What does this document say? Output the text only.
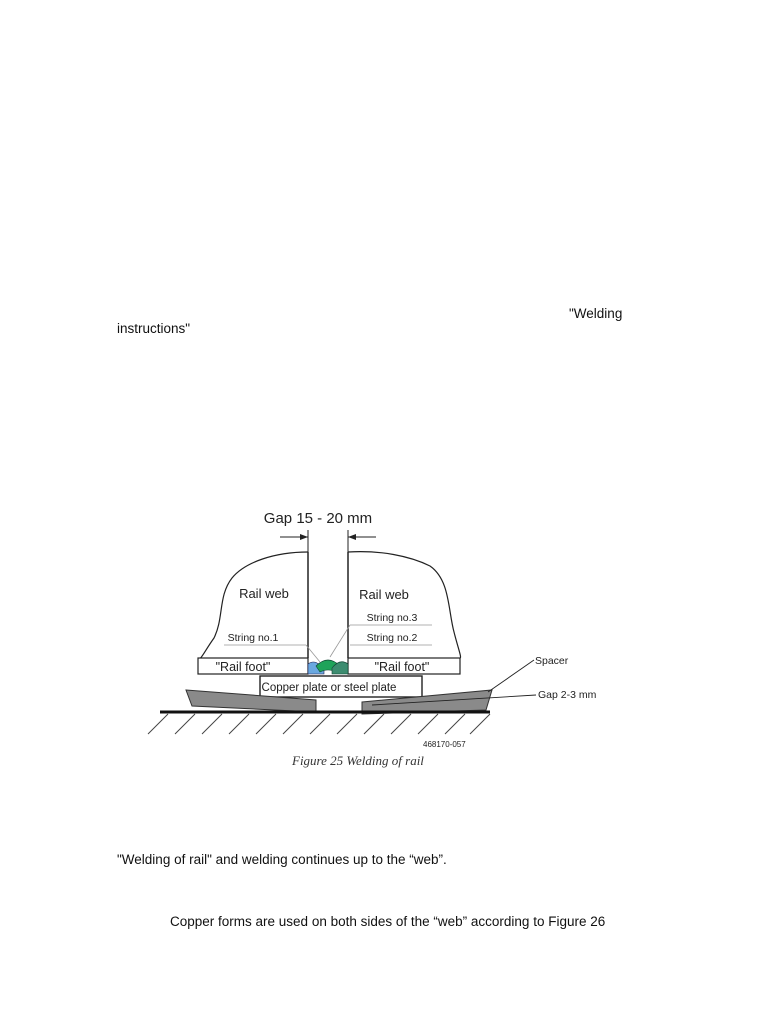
"Welding
instructions"
Gap 15 - 20 mm
Rail web	Rail web
String no.1
String no.3
String no.2
"Rail foot"	"Rail foot"
Copper plate or steel plate
Spacer
Gap 2-3 mm
468170-057
Figure 25 Welding of rail
"Welding of rail" and welding continues up to the “web”.
Copper forms are used on both sides of the “web” according to Figure 26
